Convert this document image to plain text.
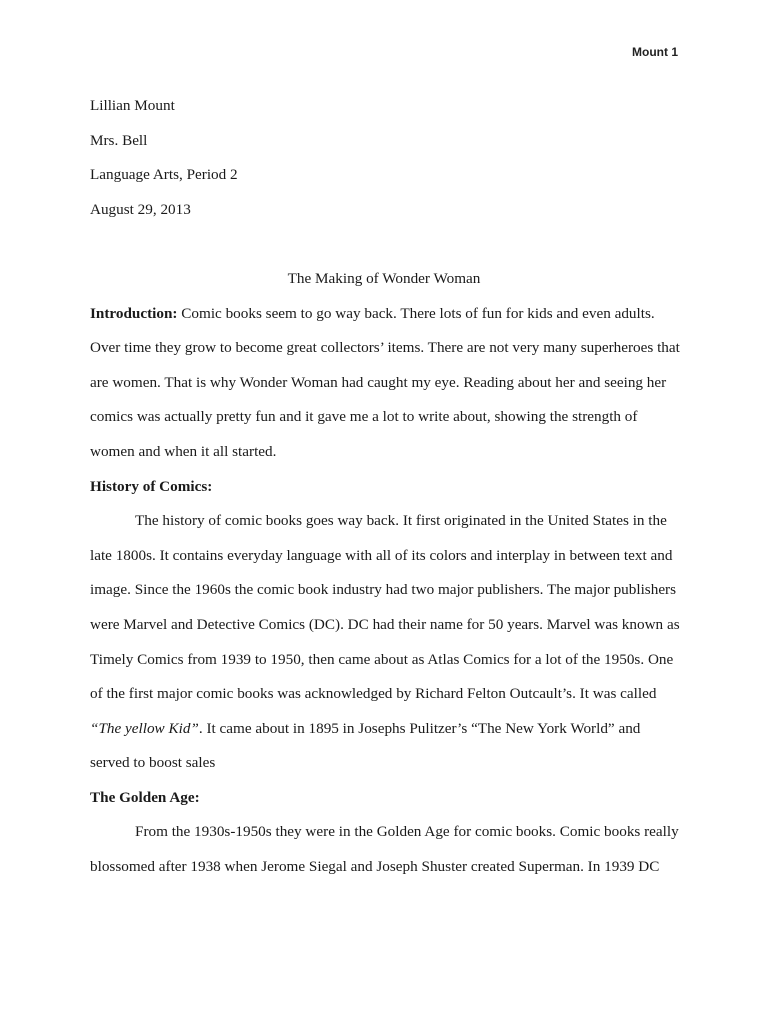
Mount 1
Lillian Mount
Mrs. Bell
Language Arts, Period 2
August 29, 2013
The Making of Wonder Woman
Introduction: Comic books seem to go way back. There lots of fun for kids and even adults.
Over time they grow to become great collectors’ items. There are not very many superheroes that
are women. That is why Wonder Woman had caught my eye. Reading about her and seeing her
comics was actually pretty fun and it gave me a lot to write about, showing the strength of
women and when it all started.
History of Comics:
The history of comic books goes way back. It first originated in the United States in the
late 1800s. It contains everyday language with all of its colors and interplay in between text and
image. Since the 1960s the comic book industry had two major publishers. The major publishers
were Marvel and Detective Comics (DC). DC had their name for 50 years. Marvel was known as
Timely Comics from 1939 to 1950, then came about as Atlas Comics for a lot of the 1950s. One
of the first major comic books was acknowledged by Richard Felton Outcault’s. It was called
“The yellow Kid”. It came about in 1895 in Josephs Pulitzer’s “The New York World” and
served to boost sales
The Golden Age:
From the 1930s-1950s they were in the Golden Age for comic books. Comic books really
blossomed after 1938 when Jerome Siegal and Joseph Shuster created Superman. In 1939 DC
